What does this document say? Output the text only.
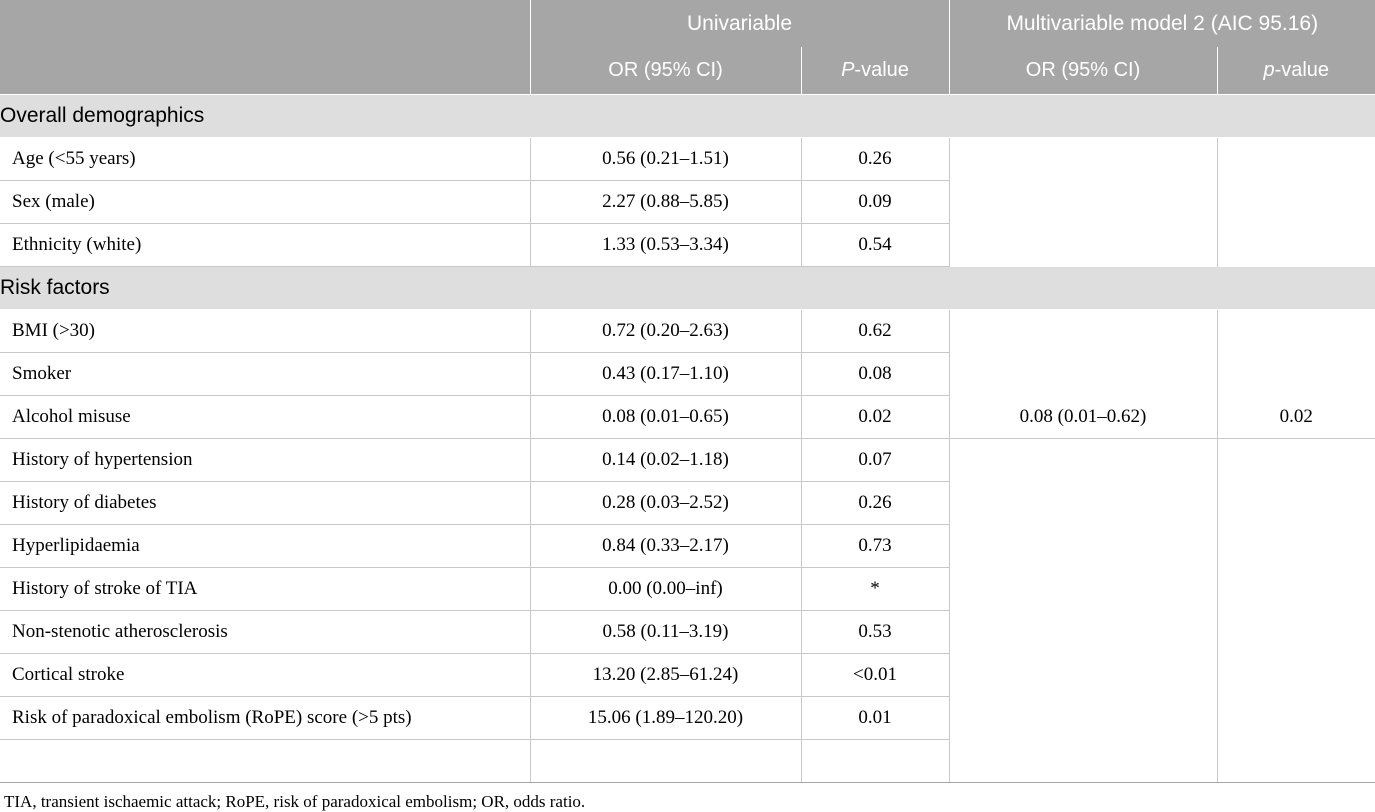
	Univariable		Multivariable model 2 (AIC 95.16)	
	OR (95% CI)	P-value	OR (95% CI)	p-value
Overall demographics				
Age (<55 years)	0.56 (0.21–1.51)	0.26		
Sex (male)	2.27 (0.88–5.85)	0.09		
Ethnicity (white)	1.33 (0.53–3.34)	0.54		
Risk factors				
BMI (>30)	0.72 (0.20–2.63)	0.62		
Smoker	0.43 (0.17–1.10)	0.08		
Alcohol misuse	0.08 (0.01–0.65)	0.02	0.08 (0.01–0.62)	0.02
History of hypertension	0.14 (0.02–1.18)	0.07		
History of diabetes	0.28 (0.03–2.52)	0.26		
Hyperlipidaemia	0.84 (0.33–2.17)	0.73		
History of stroke of TIA	0.00 (0.00–inf)	*		
Non-stenotic atherosclerosis	0.58 (0.11–3.19)	0.53		
Cortical stroke	13.20 (2.85–61.24)	<0.01		
Risk of paradoxical embolism (RoPE) score (>5 pts)	15.06 (1.89–120.20)	0.01		

TIA, transient ischaemic attack; RoPE, risk of paradoxical embolism; OR, odds ratio.
